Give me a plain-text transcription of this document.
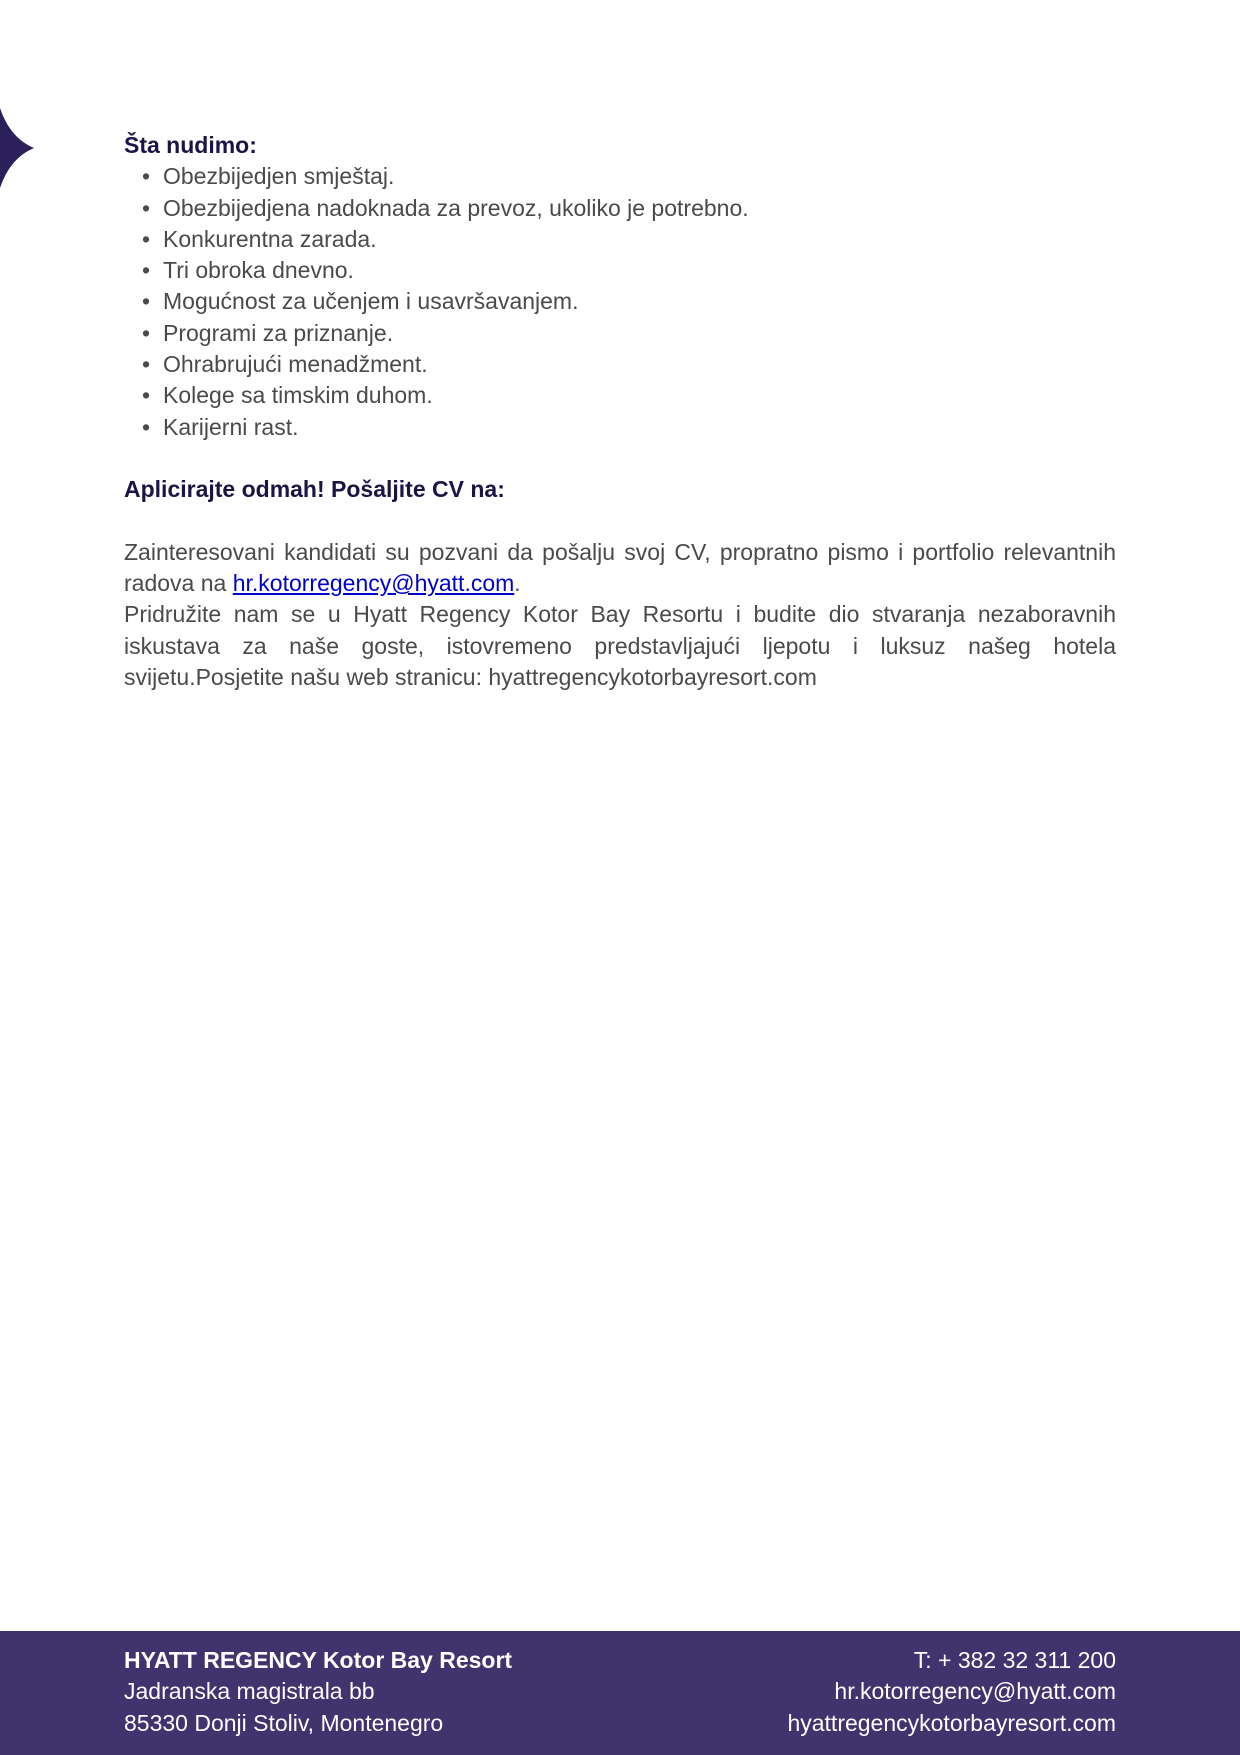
Šta nudimo:

• Obezbijedjen smještaj.
• Obezbijedjena nadoknada za prevoz, ukoliko je potrebno.
• Konkurentna zarada.
• Tri obroka dnevno.
• Mogućnost za učenjem i usavršavanjem.
• Programi za priznanje.
• Ohrabrujući menadžment.
• Kolege sa timskim duhom.
• Karijerni rast.

Aplicirajte odmah! Pošaljite CV na:

Zainteresovani kandidati su pozvani da pošalju svoj CV, propratno pismo i portfolio relevantnih radova na hr.kotorregency@hyatt.com.

Pridružite nam se u Hyatt Regency Kotor Bay Resortu i budite dio stvaranja nezaboravnih iskustava za naše goste, istovremeno predstavljajući ljepotu i luksuz našeg hotela svijetu.Posjetite našu web stranicu: hyattregencykotorbayresort.com

HYATT REGENCY Kotor Bay Resort
Jadranska magistrala bb
85330 Donji Stoliv, Montenegro
T: + 382 32 311 200
hr.kotorregency@hyatt.com
hyattregencykotorbayresort.com
